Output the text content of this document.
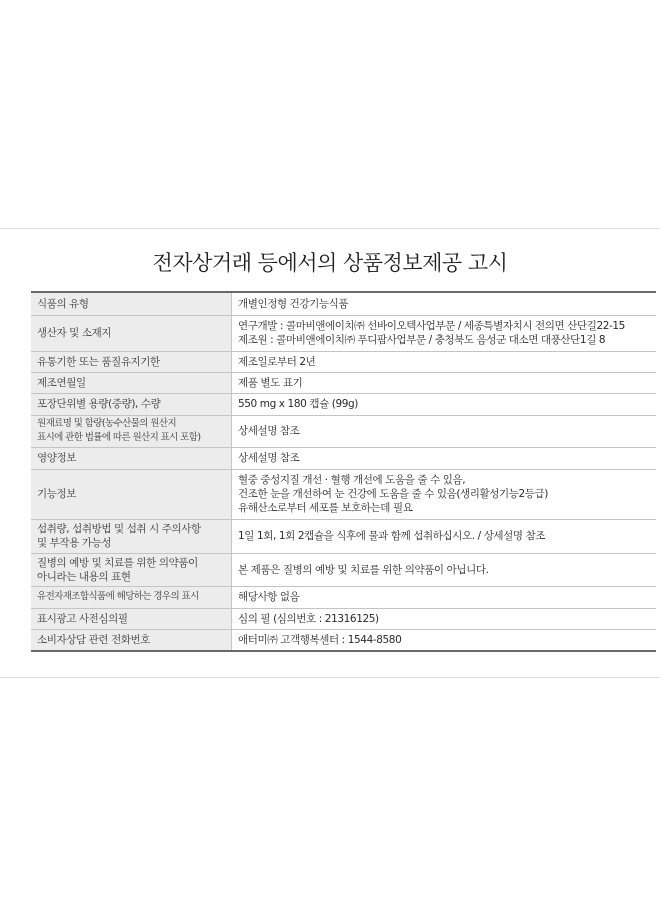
전자상거래 등에서의 상품정보제공 고시
식품의 유형	개별인정형 건강기능식품

생산자 및 소재지	연구개발 : 콜마비앤에이치㈜ 선바이오텍사업부문 / 세종특별자치시 전의면 산단길22-15
제조원 : 콜마비앤에이치㈜ 푸디팜사업부문 / 충청북도 음성군 대소면 대풍산단1길 8

유통기한 또는 품질유지기한	제조일로부터 2년

제조연월일	제품 별도 표기

포장단위별 용량(중량), 수량	550 mg x 180 캡슐 (99g)

원재료명 및 함량(농수산물의 원산지
표시에 관한 법률에 따른 원산지 표시 포함)	상세설명 참조

영양정보	상세설명 참조

기능정보	혈중 중성지질 개선 · 혈행 개선에 도움을 줄 수 있음,
건조한 눈을 개선하여 눈 건강에 도움을 줄 수 있음(생리활성기능2등급)
유해산소로부터 세포를 보호하는데 필요

섭취량, 섭취방법 및 섭취 시 주의사항
및 부작용 가능성	1일 1회, 1회 2캡슐을 식후에 물과 함께 섭취하십시오. / 상세설명 참조

질병의 예방 및 치료를 위한 의약품이
아니라는 내용의 표현	본 제품은 질병의 예방 및 치료를 위한 의약품이 아닙니다.

유전자재조합식품에 해당하는 경우의 표시	해당사항 없음

표시광고 사전심의필	심의 필 (심의번호 : 21316125)

소비자상담 관련 전화번호	애터미㈜ 고객행복센터 : 1544-8580
